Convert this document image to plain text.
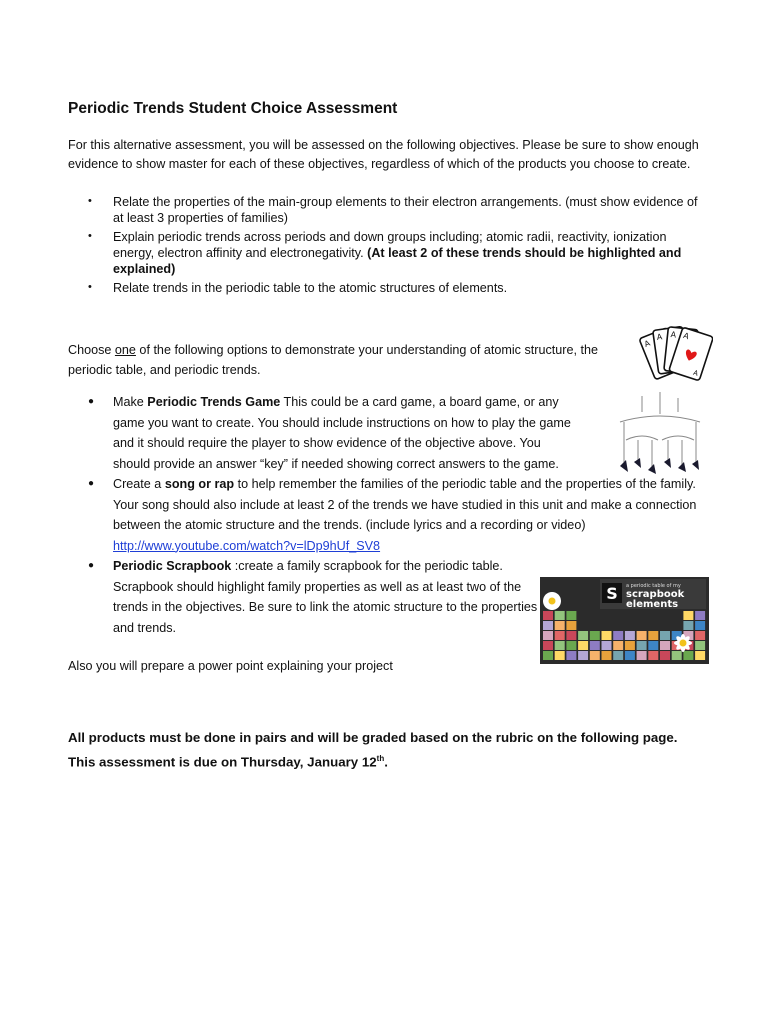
Periodic Trends Student Choice Assessment
For this alternative assessment, you will be assessed on the following objectives. Please be sure to show enough evidence to show master for each of these objectives, regardless of which of the products you choose to create.
• Relate the properties of the main-group elements to their electron arrangements. (must show evidence of at least 3 properties of families)
• Explain periodic trends across periods and down groups including; atomic radii, reactivity, ionization energy, electron affinity and electronegativity. (At least 2 of these trends should be highlighted and explained)
• Relate trends in the periodic table to the atomic structures of elements.
Choose one of the following options to demonstrate your understanding of atomic structure, the periodic table, and periodic trends.
● Make Periodic Trends Game This could be a card game, a board game, or any game you want to create. You should include instructions on how to play the game and it should require the player to show evidence of the objective above. You should provide an answer “key” if needed showing correct answers to the game.
● Create a song or rap to help remember the families of the periodic table and the properties of the family. Your song should also include at least 2 of the trends we have studied in this unit and make a connection between the atomic structure and the trends. (include lyrics and a recording or video) http://www.youtube.com/watch?v=lDp9hUf_SV8
● Periodic Scrapbook :create a family scrapbook for the periodic table. Scrapbook should highlight family properties as well as at least two of the trends in the objectives. Be sure to link the atomic structure to the properties and trends.
Also you will prepare a power point explaining your project
All products must be done in pairs and will be graded based on the rubric on the following page. This assessment is due on Thursday, January 12th.
A
A A A
A
S a periodic table of my
scrapbook
elements
